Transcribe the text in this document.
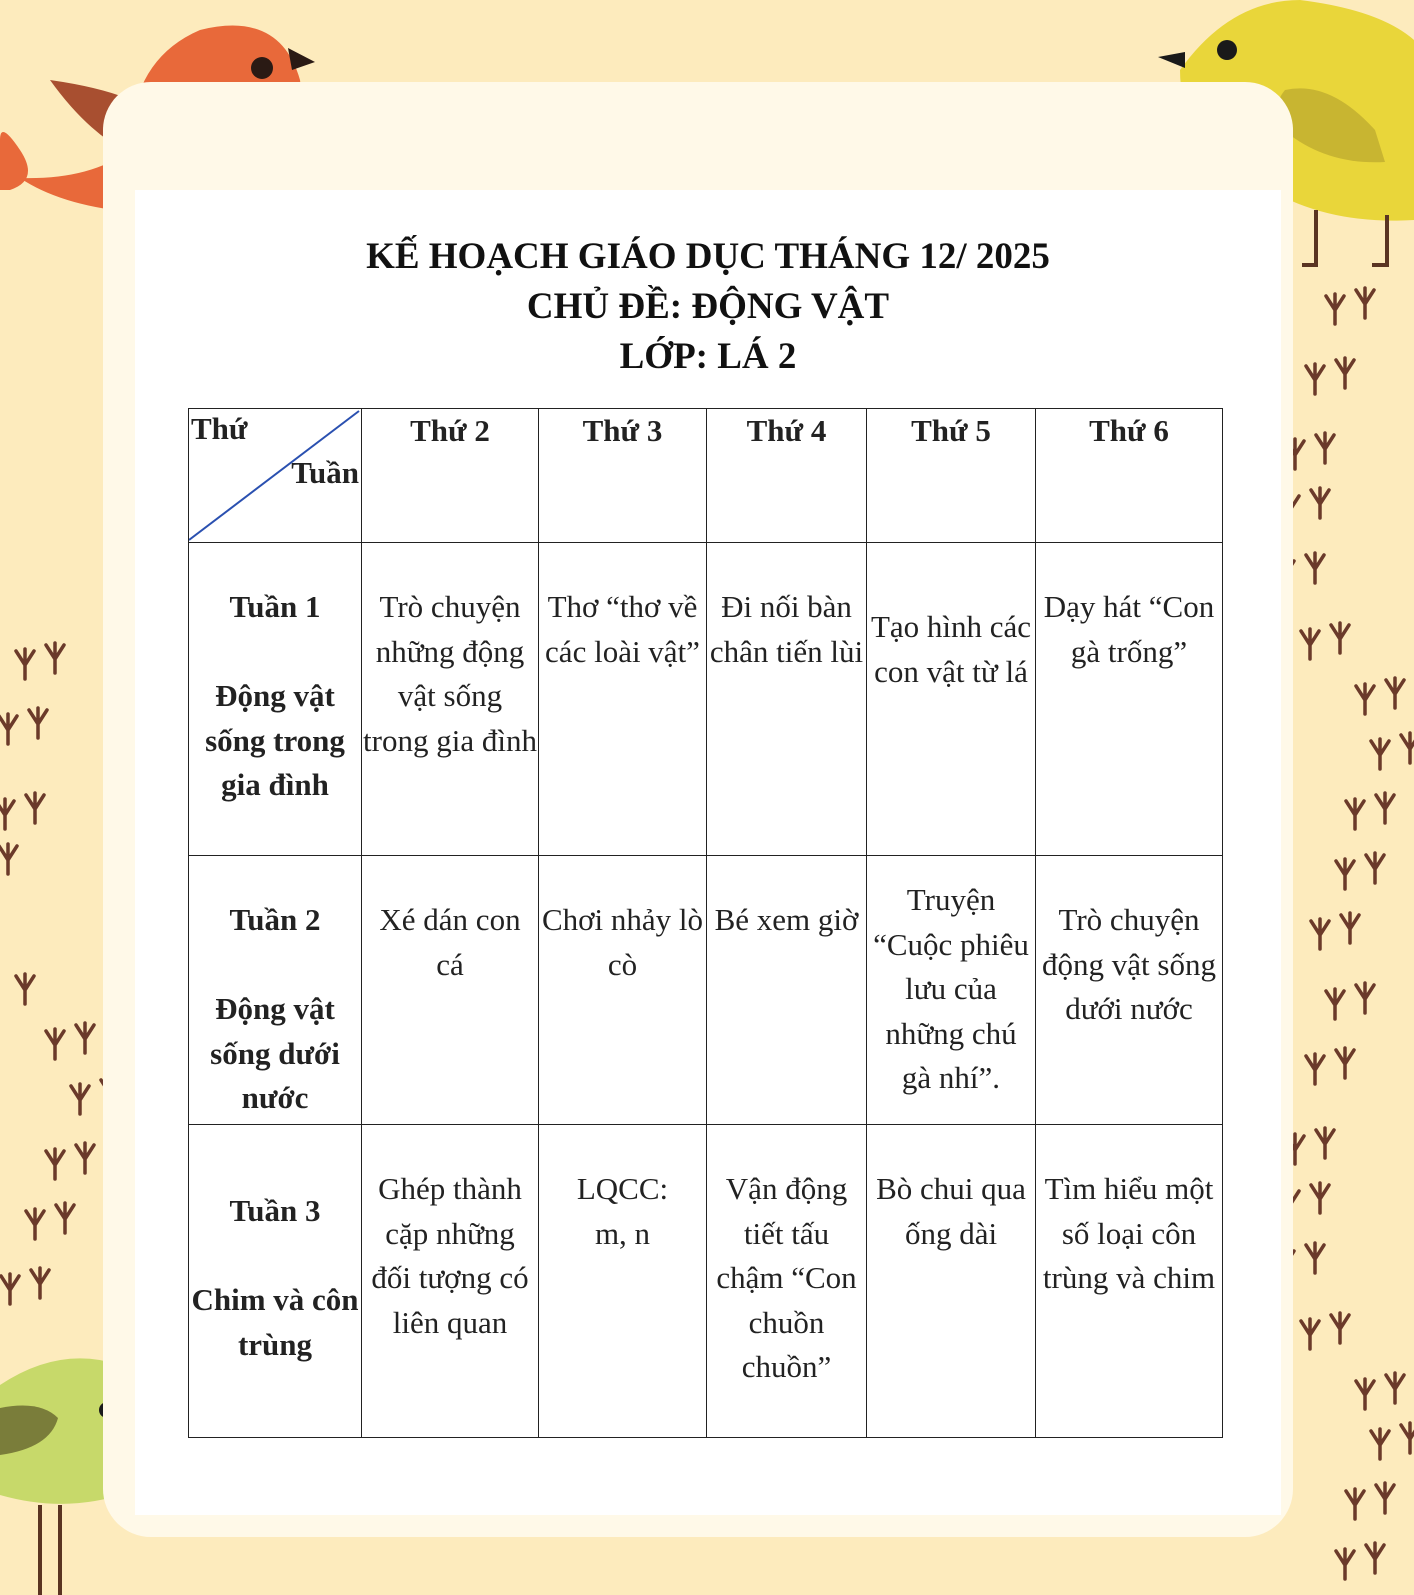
KẾ HOẠCH GIÁO DỤC THÁNG 12/ 2025
CHỦ ĐỀ: ĐỘNG VẬT
LỚP: LÁ 2
Thứ
Tuần	Thứ 2	Thứ 3	Thứ 4	Thứ 5	Thứ 6

Tuần 1
Động vật sống trong gia đình	Trò chuyện những động vật sống trong gia đình	Thơ “thơ về các loài vật”	Đi nối bàn chân tiến lùi	Tạo hình các con vật từ lá	Dạy hát “Con gà trống”

Tuần 2
Động vật sống dưới nước	Xé dán con cá	Chơi nhảy lò cò	Bé xem giờ	Truyện “Cuộc phiêu lưu của những chú gà nhí”.	Trò chuyện động vật sống dưới nước

Tuần 3
Chim và côn trùng	Ghép thành cặp những đối tượng có liên quan	LQCC: m, n	Vận động tiết tấu chậm “Con chuồn chuồn”	Bò chui qua ống dài	Tìm hiểu một số loại côn trùng và chim
